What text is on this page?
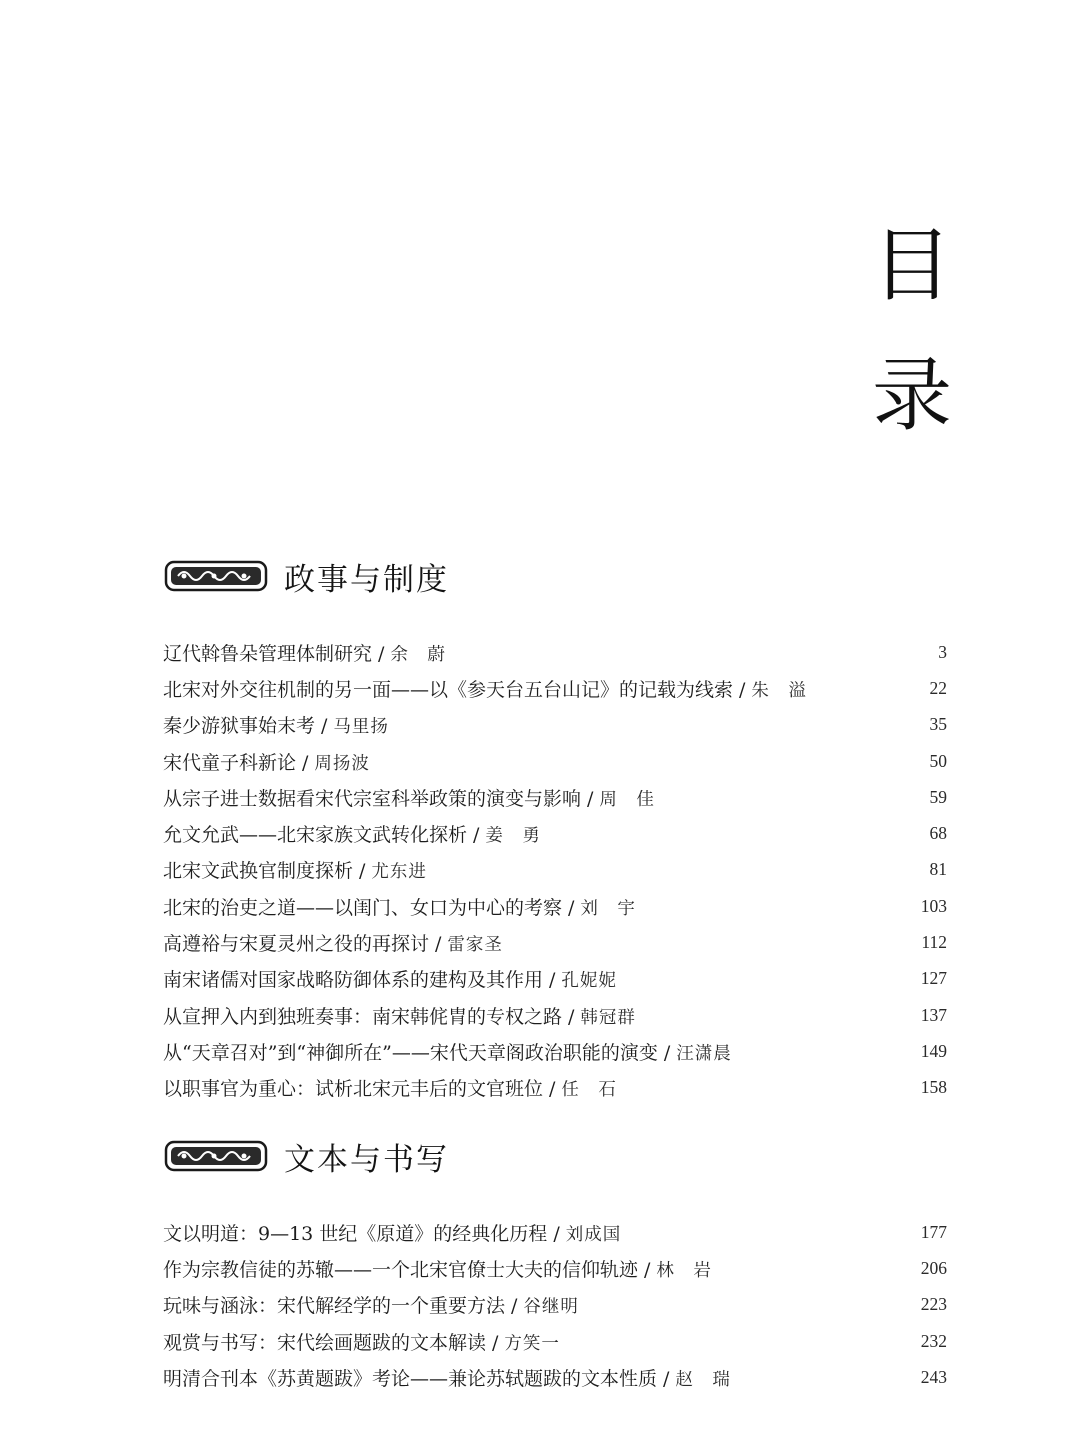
目
录
政事与制度
辽代斡鲁朵管理体制研究 / 余　蔚	3
北宋对外交往机制的另一面——以《参天台五台山记》的记载为线索 / 朱　溢	22
秦少游狱事始末考 / 马里扬	35
宋代童子科新论 / 周扬波	50
从宗子进士数据看宋代宗室科举政策的演变与影响 / 周　佳	59
允文允武——北宋家族文武转化探析 / 姜　勇	68
北宋文武换官制度探析 / 尤东进	81
北宋的治吏之道——以闺门、女口为中心的考察 / 刘　宇	103
高遵裕与宋夏灵州之役的再探讨 / 雷家圣	112
南宋诸儒对国家战略防御体系的建构及其作用 / 孔妮妮	127
从宣押入内到独班奏事：南宋韩侂胄的专权之路 / 韩冠群	137
从“天章召对”到“神御所在”——宋代天章阁政治职能的演变 / 汪潇晨	149
以职事官为重心：试析北宋元丰后的文官班位 / 任　石	158
文本与书写
文以明道：9—13 世纪《原道》的经典化历程 / 刘成国	177
作为宗教信徒的苏辙——一个北宋官僚士大夫的信仰轨迹 / 林　岩	206
玩味与涵泳：宋代解经学的一个重要方法 / 谷继明	223
观赏与书写：宋代绘画题跋的文本解读 / 方笑一	232
明清合刊本《苏黄题跋》考论——兼论苏轼题跋的文本性质 / 赵　瑞	243
